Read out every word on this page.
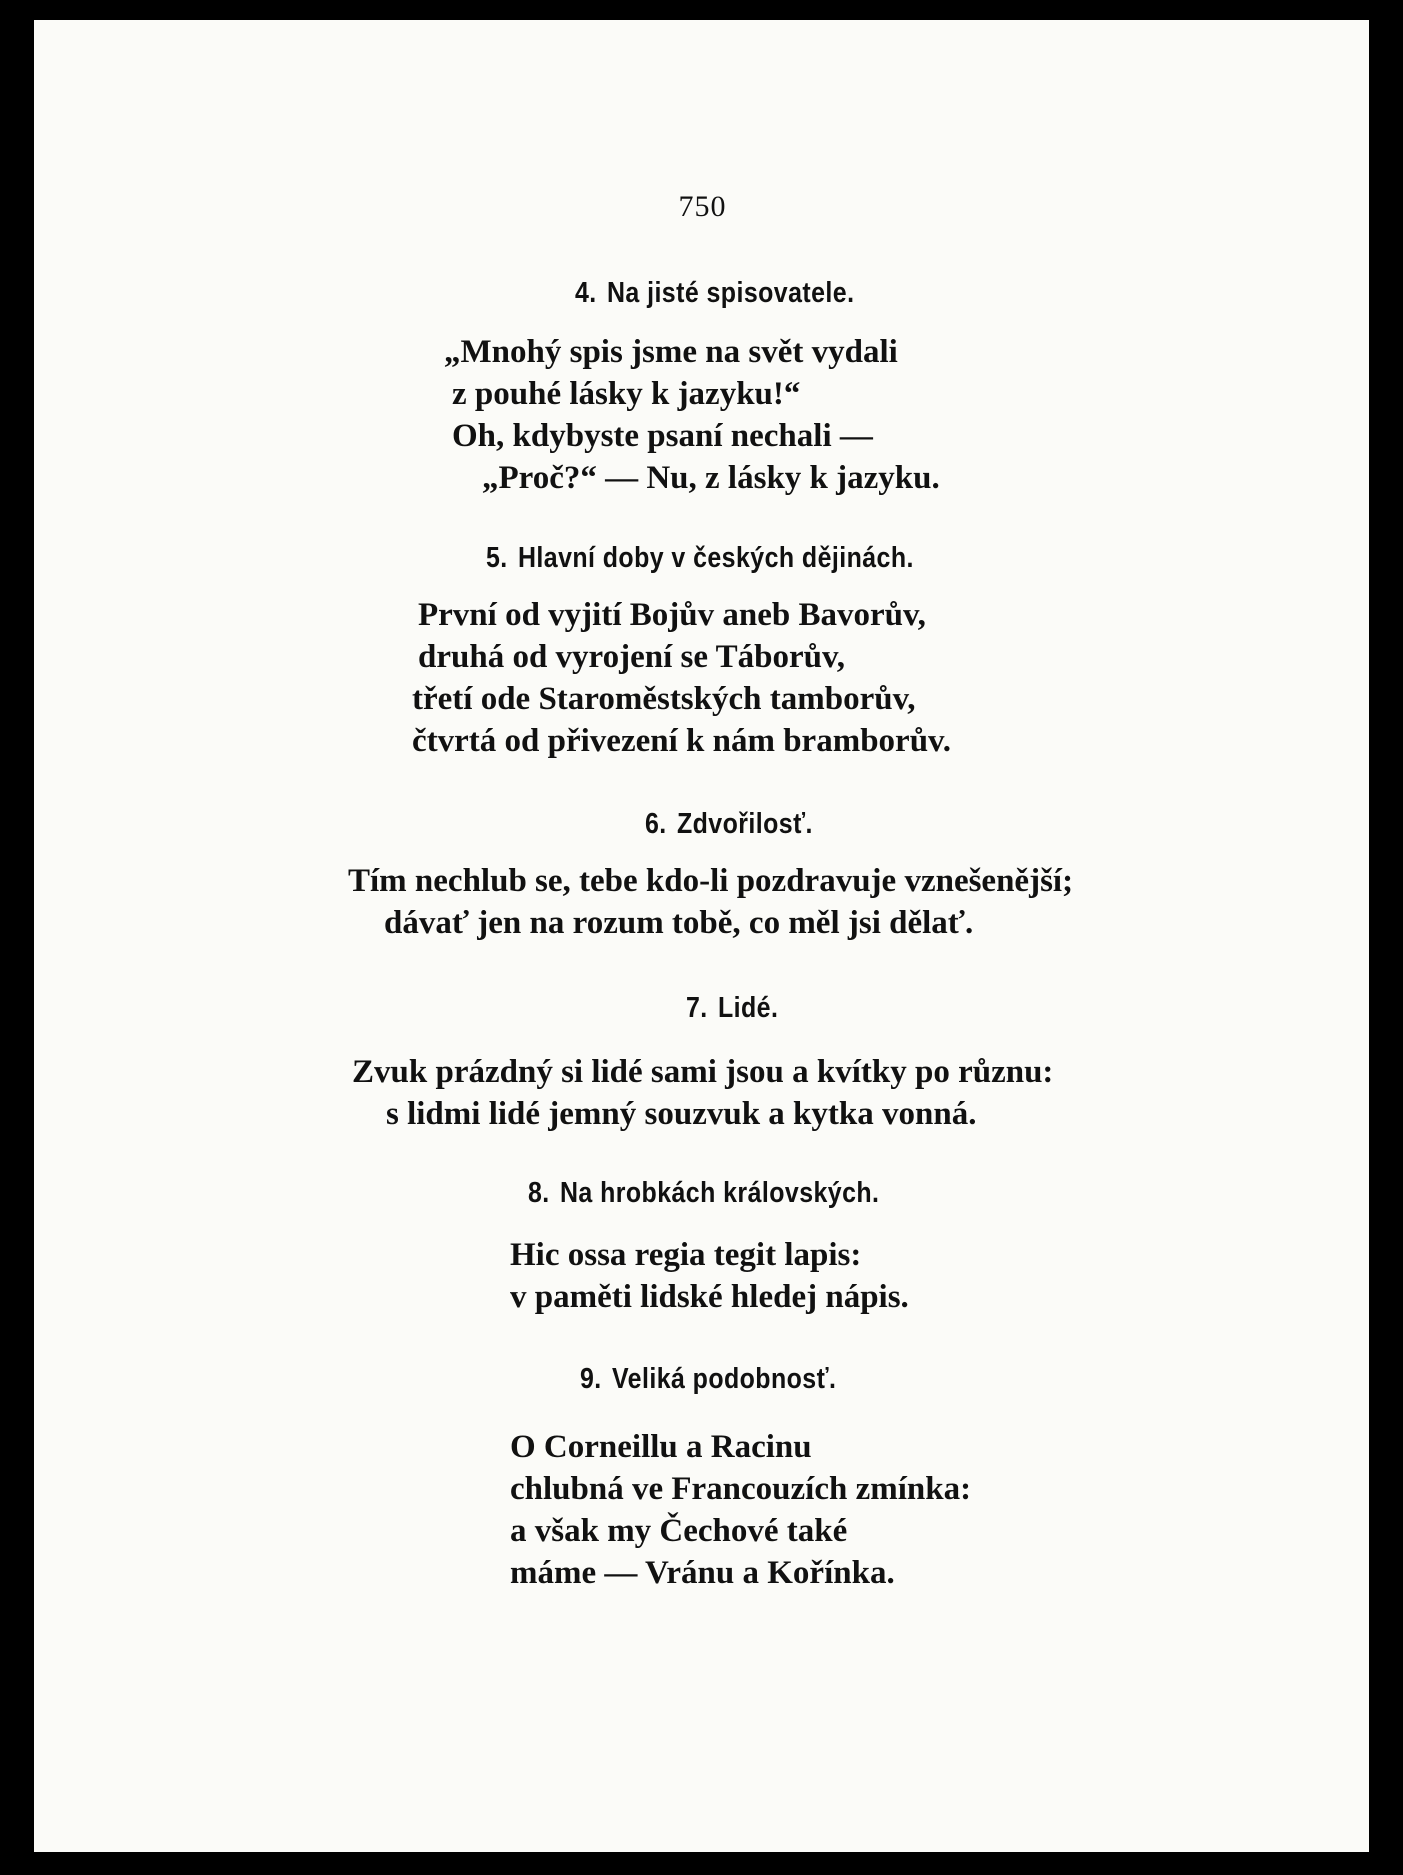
750
4. Na jisté spisovatele.
„Mnohý spis jsme na svět vydali
z pouhé lásky k jazyku!“
Oh, kdybyste psaní nechali —
„Proč?“ — Nu, z lásky k jazyku.
5. Hlavní doby v českých dějinách.
První od vyjití Bojův aneb Bavorův,
druhá od vyrojení se Táborův,
třetí ode Staroměstských tamborův,
čtvrtá od přivezení k nám bramborův.
6. Zdvořilosť.
Tím nechlub se, tebe kdo-li pozdravuje vznešenější;
dávať jen na rozum tobě, co měl jsi dělať.
7. Lidé.
Zvuk prázdný si lidé sami jsou a kvítky po různu:
s lidmi lidé jemný souzvuk a kytka vonná.
8. Na hrobkách královských.
Hic ossa regia tegit lapis:
v paměti lidské hledej nápis.
9. Veliká podobnosť.
O Corneillu a Racinu
chlubná ve Francouzích zmínka:
a však my Čechové také
máme — Vránu a Kořínka.
